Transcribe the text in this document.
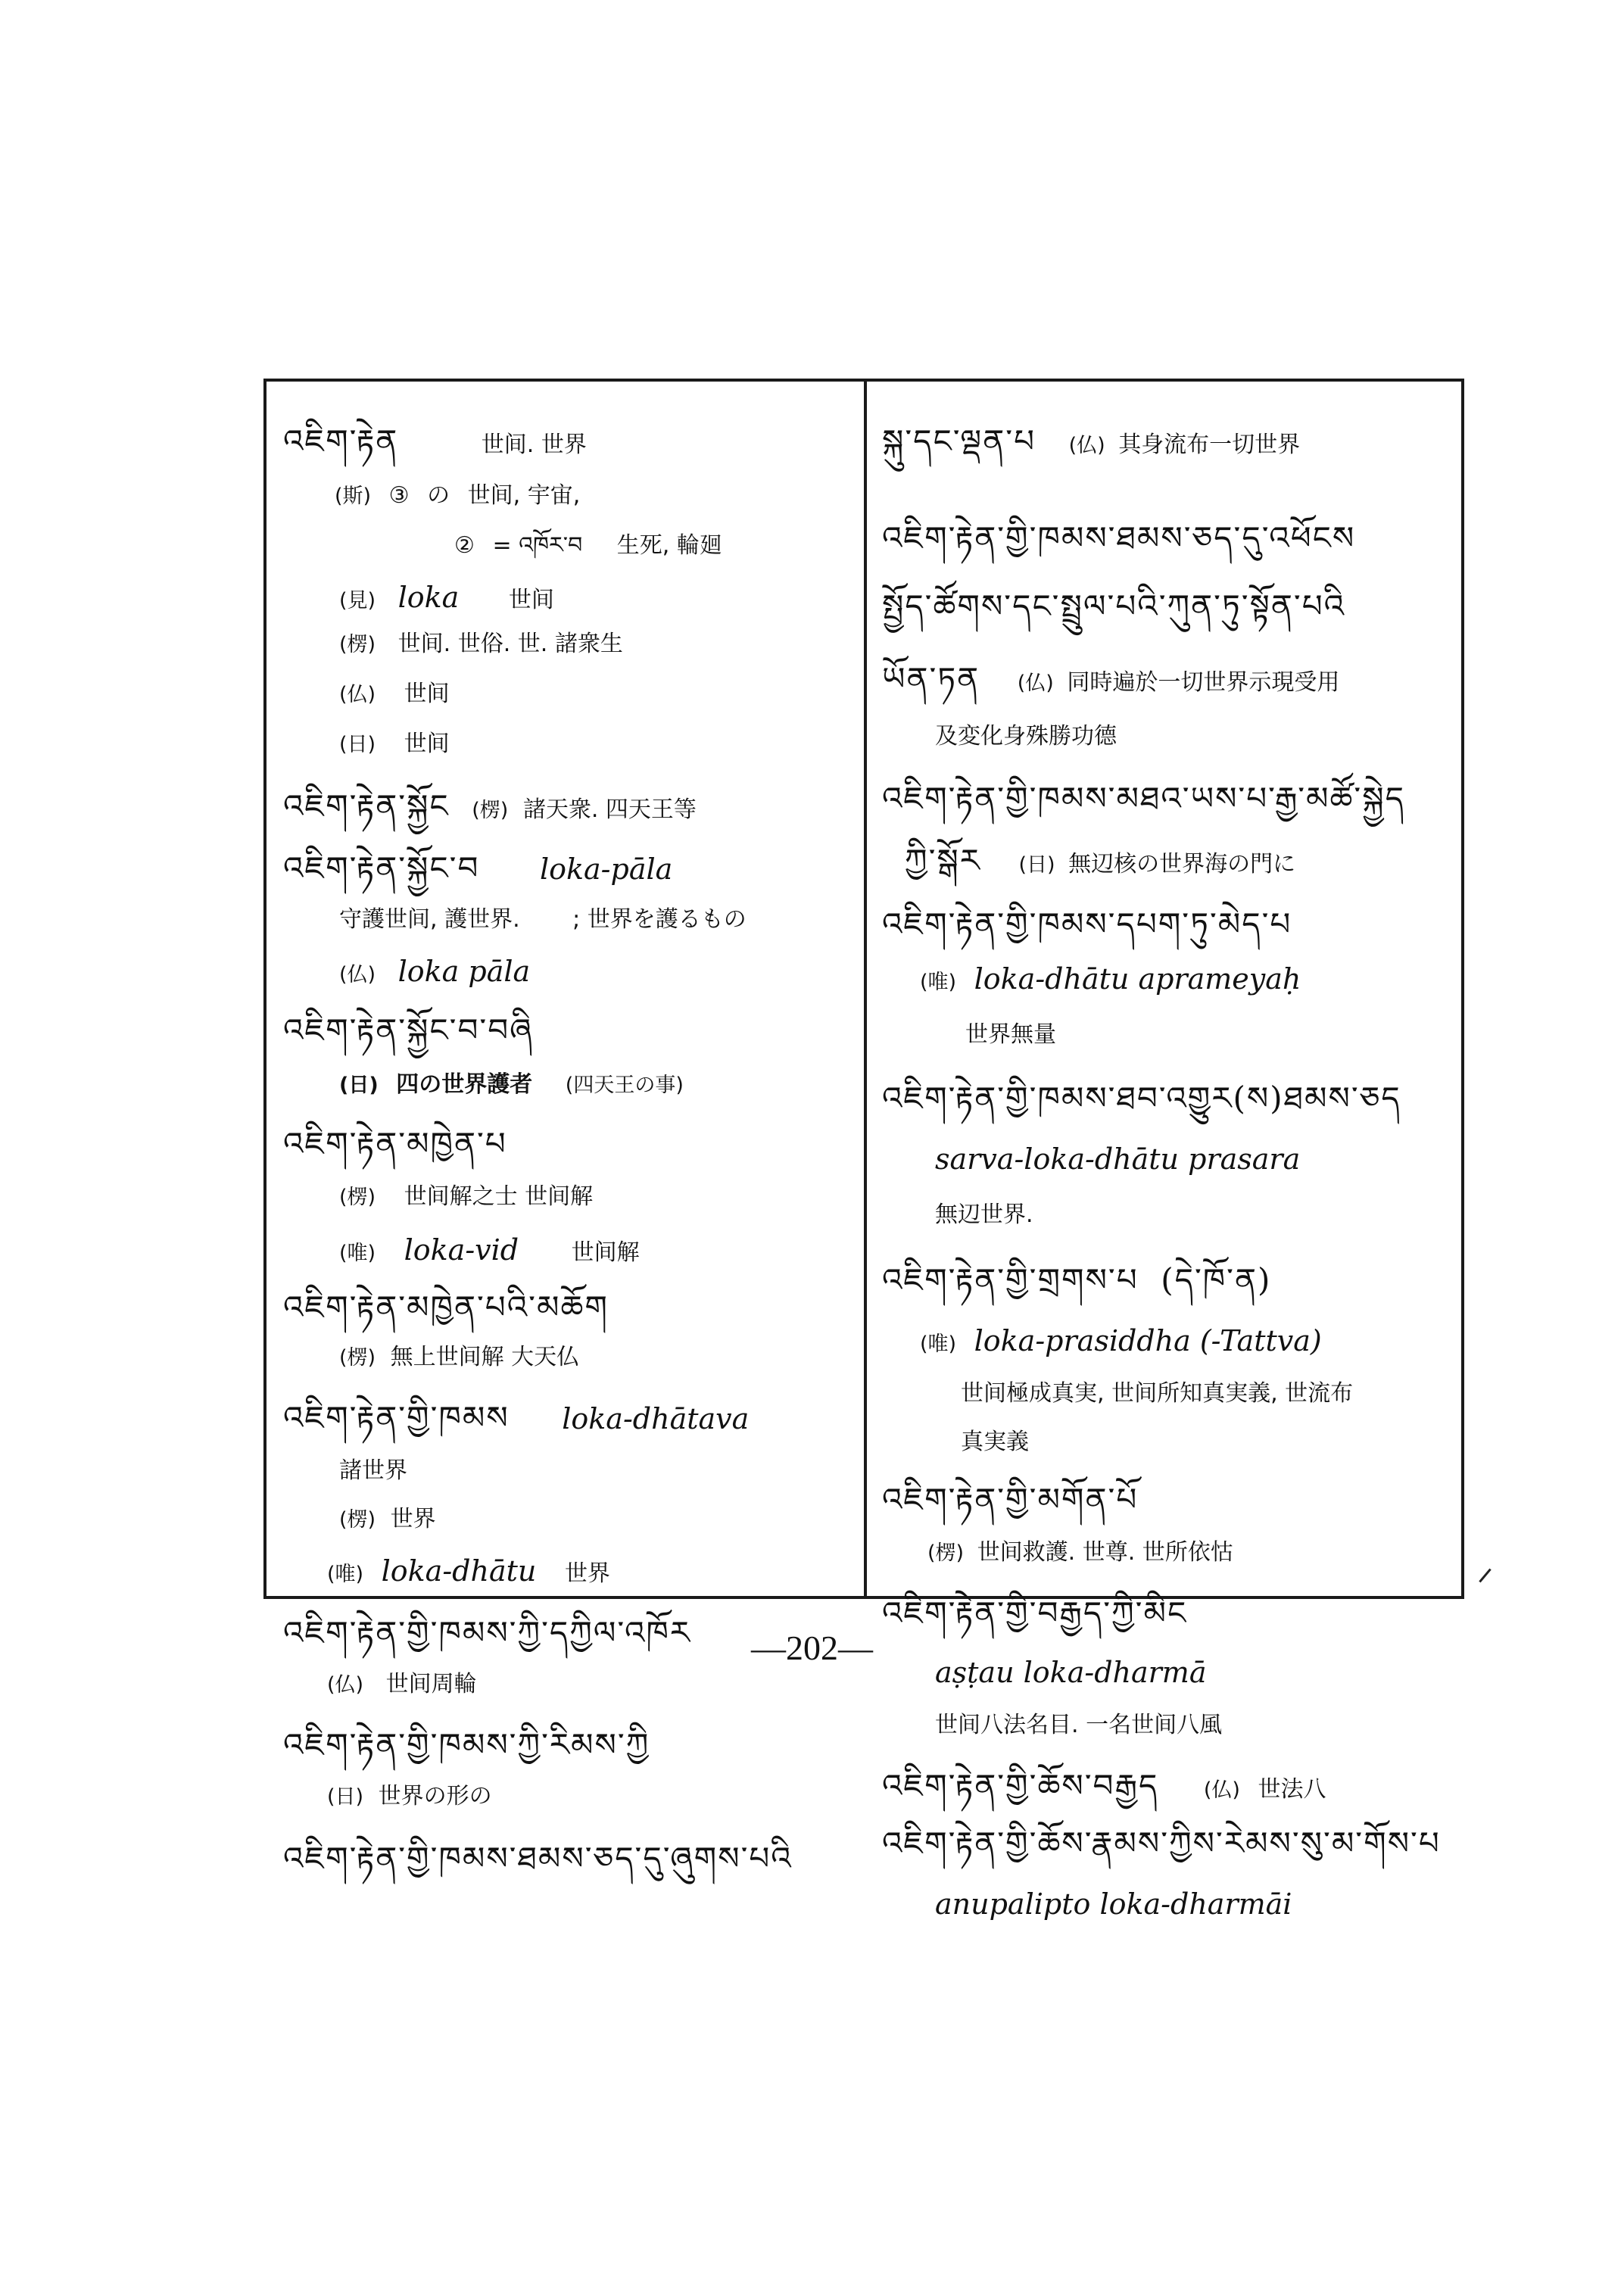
འཇིག་རྟེན	世间. 世界
(斯) ③ の 世间, 宇宙,
② = འཁོར་བ 生死, 輪廻
(見) loka 世间
(楞) 世间. 世俗. 世. 諸衆生
(仏) 世间
(日) 世间
འཇིག་རྟེན་སྐྱོང (楞) 諸天衆. 四天王等
འཇིག་རྟེན་སྐྱོང་བ loka-pāla
守護世间, 護世界. ; 世界を護るもの
(仏) loka pāla
འཇིག་རྟེན་སྐྱོང་བ་བཞི
(日) 四の世界護者 (四天王の事)
འཇིག་རྟེན་མཁྱེན་པ
(楞) 世间解之士 世间解
(唯) loka-vid 世间解
འཇིག་རྟེན་མཁྱེན་པའི་མཆོག
(楞) 無上世间解 大天仏
འཇིག་རྟེན་གྱི་ཁམས loka-dhātava
諸世界
(楞) 世界
(唯) loka-dhātu 世界
འཇིག་རྟེན་གྱི་ཁམས་ཀྱི་དཀྱིལ་འཁོར
(仏) 世间周輪
འཇིག་རྟེན་གྱི་ཁམས་ཀྱི་རིམས་ཀྱི
(日) 世界の形の
འཇིག་རྟེན་གྱི་ཁམས་ཐམས་ཅད་དུ་ཞུགས་པའི
སྐུ་དང་ལྡན་པ (仏) 其身流布一切世界
འཇིག་རྟེན་གྱི་ཁམས་ཐམས་ཅད་དུ་འཕོངས
སྤྱོད་ཚོགས་དང་སྤྲུལ་པའི་ཀུན་ཏུ་སྟོན་པའི
ཡོན་ཏན (仏) 同時遍於一切世界示現受用
及変化身殊勝功德
འཇིག་རྟེན་གྱི་ཁམས་མཐའ་ཡས་པ་རྒྱ་མཚོ་སྐྱེད
ཀྱི་སྒོར (日) 無辺核の世界海の門に
འཇིག་རྟེན་གྱི་ཁམས་དཔག་ཏུ་མེད་པ
(唯) loka-dhātu aprameyaḥ
世界無量
འཇིག་རྟེན་གྱི་ཁམས་ཐབ་འགྱུར(ས)ཐམས་ཅད
sarva-loka-dhātu prasara
無辺世界.
འཇིག་རྟེན་གྱི་གྲགས་པ (དེ་ཁོ་ན)
(唯) loka-prasiddha (-Tattva)
世间極成真実, 世间所知真実義, 世流布
真実義
འཇིག་རྟེན་གྱི་མགོན་པོ
(楞) 世间救護. 世尊. 世所依怙
འཇིག་རྟེན་གྱི་བརྒྱད་ཀྱི་མིང
aṣṭau loka-dharmā
世间八法名目. 一名世间八風
འཇིག་རྟེན་གྱི་ཆོས་བརྒྱད (仏) 世法八
འཇིག་རྟེན་གྱི་ཆོས་རྣམས་ཀྱིས་རེམས་སུ་མ་གོས་པ
anupalipto loka-dharmāi
—202—
